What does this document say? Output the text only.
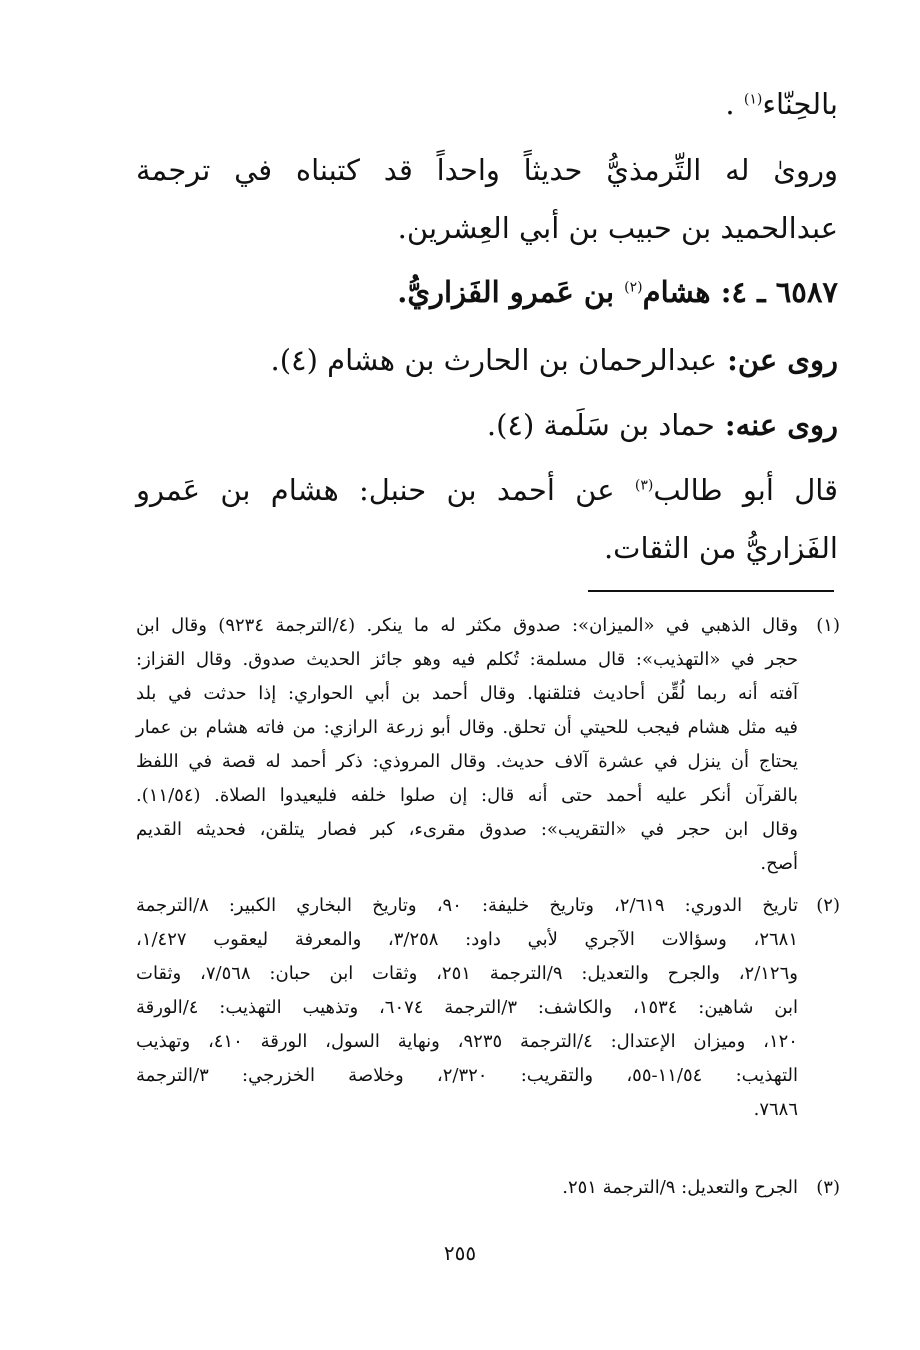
بالحِنّاء$^{(١)}$ .
وروىٰ له التِّرمذيُّ حديثاً واحداً قد كتبناه في ترجمة
عبدالحميد بن حبيب بن أبي العِشرين.
٦٥٨٧ ـ ٤: هشام$^{(٢)}$ بن عَمرو الفَزاريُّ.
روى عن: عبدالرحمان بن الحارث بن هشام (٤).
روى عنه: حماد بن سَلَمة (٤).
قال أبو طالب$^{(٣)}$ عن أحمد بن حنبل: هشام بن عَمرو
الفَزاريُّ من الثقات.
(١)
وقال الذهبي في «الميزان»: صدوق مكثر له ما ينكر. (٤/الترجمة ٩٢٣٤) وقال ابن
حجر في «التهذيب»: قال مسلمة: تُكلم فيه وهو جائز الحديث صدوق. وقال القزاز:
آفته أنه ربما لُقِّن أحاديث فتلقنها. وقال أحمد بن أبي الحواري: إذا حدثت في بلد
فيه مثل هشام فيجب للحيتي أن تحلق. وقال أبو زرعة الرازي: من فاته هشام بن عمار
يحتاج أن ينزل في عشرة آلاف حديث. وقال المروذي: ذكر أحمد له قصة في اللفظ
بالقرآن أنكر عليه أحمد حتى أنه قال: إن صلوا خلفه فليعيدوا الصلاة. (١١/٥٤).
وقال ابن حجر في «التقريب»: صدوق مقرىء، كبر فصار يتلقن، فحديثه القديم
أصح.
(٢)
تاريخ الدوري: ٢/٦١٩، وتاريخ خليفة: ٩٠، وتاريخ البخاري الكبير: ٨/الترجمة
٢٦٨١، وسؤالات الآجري لأبي داود: ٣/٢٥٨، والمعرفة ليعقوب ١/٤٢٧،
و٢/١٢٦، والجرح والتعديل: ٩/الترجمة ٢٥١، وثقات ابن حبان: ٧/٥٦٨، وثقات
ابن شاهين: ١٥٣٤، والكاشف: ٣/الترجمة ٦٠٧٤، وتذهيب التهذيب: ٤/الورقة
١٢٠، وميزان الإعتدال: ٤/الترجمة ٩٢٣٥، ونهاية السول، الورقة ٤١٠، وتهذيب
التهذيب: ١١/٥٤-٥٥، والتقريب: ٢/٣٢٠، وخلاصة الخزرجي: ٣/الترجمة
٧٦٨٦.
(٣)
الجرح والتعديل: ٩/الترجمة ٢٥١.
٢٥٥
